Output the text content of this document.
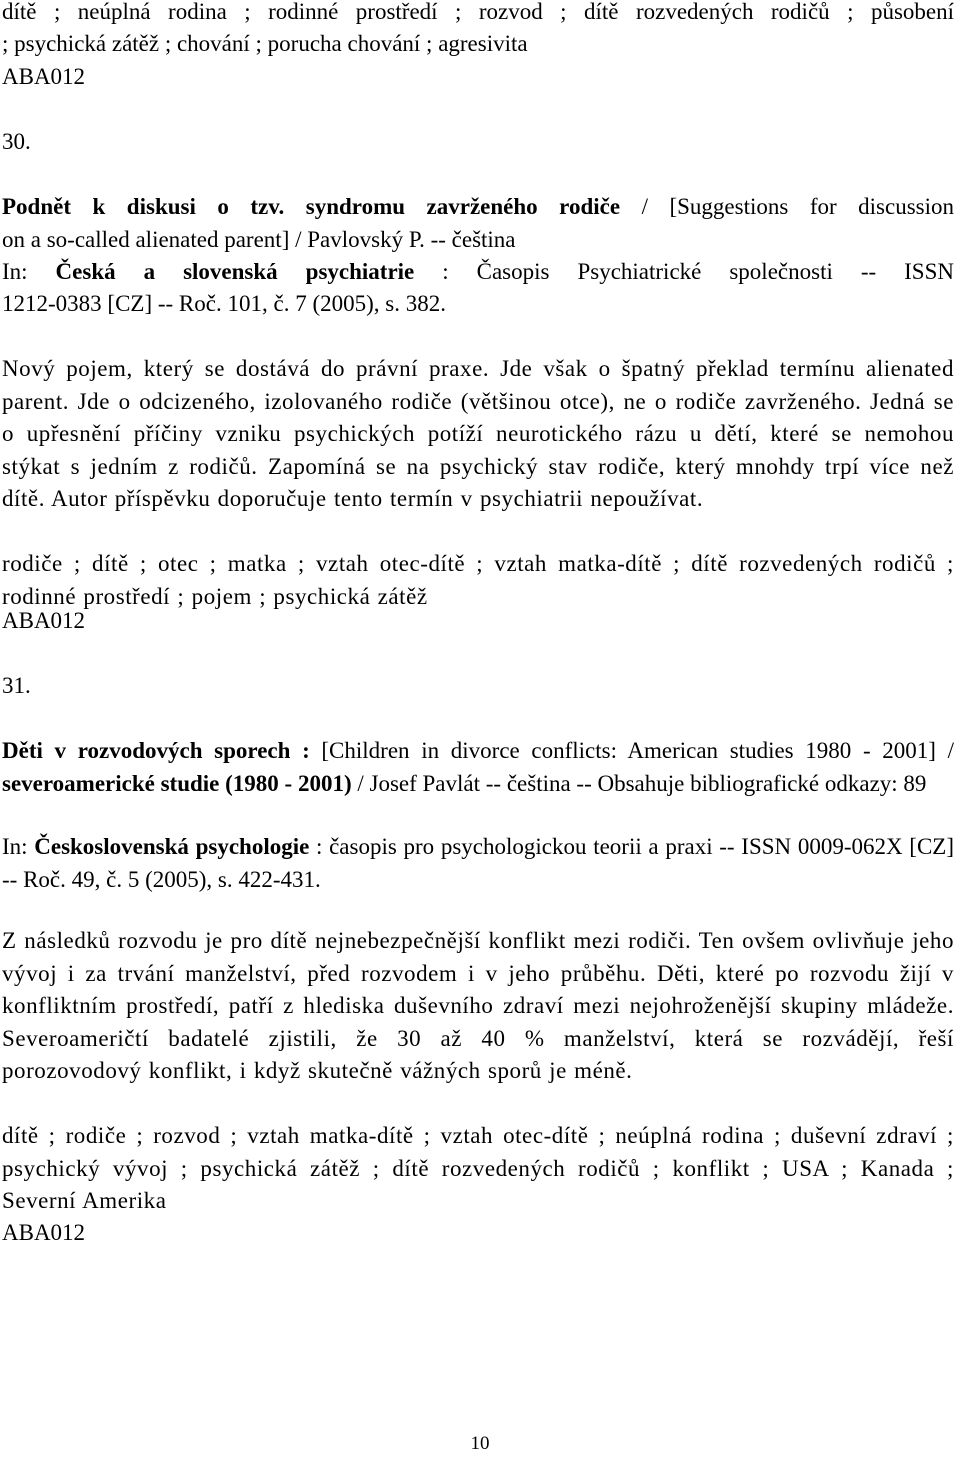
dítě ; neúplná rodina ; rodinné prostředí ; rozvod ; dítě rozvedených rodičů ; působení
; psychická zátěž ; chování ; porucha chování ; agresivita
ABA012
30.
Podnět k diskusi o tzv. syndromu zavrženého rodiče / [Suggestions for discussion
on a so-called alienated parent] / Pavlovský P. -- čeština
In: Česká a slovenská psychiatrie : Časopis Psychiatrické společnosti -- ISSN
1212-0383 [CZ] -- Roč. 101, č. 7 (2005), s. 382.
Nový pojem, který se dostává do právní praxe. Jde však o špatný překlad termínu alienated parent. Jde o odcizeného, izolovaného rodiče (většinou otce), ne o rodiče zavrženého. Jedná se o upřesnění příčiny vzniku psychických potíží neurotického rázu u dětí, které se nemohou stýkat s jedním z rodičů. Zapomíná se na psychický stav rodiče, který mnohdy trpí více než dítě. Autor příspěvku doporučuje tento termín v psychiatrii nepoužívat.
rodiče ; dítě ; otec ; matka ; vztah otec-dítě ; vztah matka-dítě ; dítě rozvedených rodičů ; rodinné prostředí ; pojem ; psychická zátěž
ABA012
31.
Děti v rozvodových sporech : [Children in divorce conflicts: American studies 1980 - 2001] / severoamerické studie (1980 - 2001) / Josef Pavlát -- čeština -- Obsahuje bibliografické odkazy: 89
In: Československá psychologie : časopis pro psychologickou teorii a praxi -- ISSN 0009-062X [CZ] -- Roč. 49, č. 5 (2005), s. 422-431.
Z následků rozvodu je pro dítě nejnebezpečnější konflikt mezi rodiči. Ten ovšem ovlivňuje jeho vývoj i za trvání manželství, před rozvodem i v jeho průběhu. Děti, které po rozvodu žijí v konfliktním prostředí, patří z hlediska duševního zdraví mezi nejohroženější skupiny mládeže. Severoameričtí badatelé zjistili, že 30 až 40 % manželství, která se rozvádějí, řeší porozovodový konflikt, i když skutečně vážných sporů je méně.
dítě ; rodiče ; rozvod ; vztah matka-dítě ; vztah otec-dítě ; neúplná rodina ; duševní zdraví ; psychický vývoj ; psychická zátěž ; dítě rozvedených rodičů ; konflikt ; USA ; Kanada ; Severní Amerika
ABA012
10
